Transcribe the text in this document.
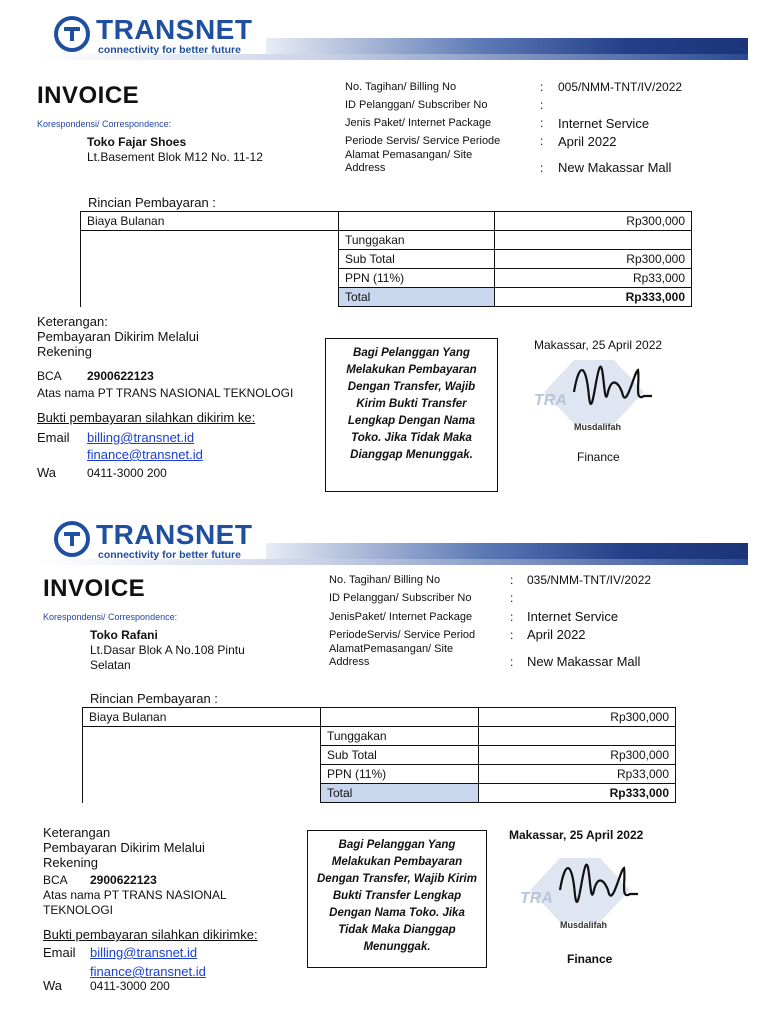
TRANSNET
connectivity for better future
INVOICE
Korespondensi/ Correspondence:
Toko Fajar Shoes
Lt.Basement Blok M12 No. 11-12
No. Tagihan/ Billing No	: 005/NMM-TNT/IV/2022
ID Pelanggan/ Subscriber No	:
Jenis Paket/ Internet Package	: Internet Service
Periode Servis/ Service Periode	: April 2022
Alamat Pemasangan/ Site
Address	: New Makassar Mall
Rincian Pembayaran :
Biaya Bulanan		Rp300,000
	Tunggakan	
	Sub Total	Rp300,000
	PPN (11%)	Rp33,000
	Total	Rp333,000
Keterangan:
Pembayaran Dikirim Melalui
Rekening
BCA 2900622123
Atas nama PT TRANS NASIONAL TEKNOLOGI
Bukti pembayaran silahkan dikirim ke:
Email billing@transnet.id
finance@transnet.id
Wa	0411-3000 200
Bagi Pelanggan Yang Melakukan Pembayaran Dengan Transfer, Wajib Kirim Bukti Transfer Lengkap Dengan Nama Toko. Jika Tidak Maka Dianggap Menunggak.
Makassar, 25 April 2022
TRA
Musdalifah
Finance
TRANSNET
connectivity for better future
INVOICE
Korespondensi/ Correspondence:
Toko Rafani
Lt.Dasar Blok A No.108 Pintu
Selatan
No. Tagihan/ Billing No	: 035/NMM-TNT/IV/2022
ID Pelanggan/ Subscriber No	:
JenisPaket/ Internet Package	: Internet Service
PeriodeServis/ Service Period	: April 2022
AlamatPemasangan/ Site
Address	: New Makassar Mall
Rincian Pembayaran :
Biaya Bulanan		Rp300,000
	Tunggakan	
	Sub Total	Rp300,000
	PPN (11%)	Rp33,000
	Total	Rp333,000
Keterangan
Pembayaran Dikirim Melalui
Rekening
BCA 2900622123
Atas nama PT TRANS NASIONAL
TEKNOLOGI
Bukti pembayaran silahkan dikirimke:
Email billing@transnet.id
finance@transnet.id
Wa 0411-3000 200
Bagi Pelanggan Yang Melakukan Pembayaran Dengan Transfer, Wajib Kirim Bukti Transfer Lengkap Dengan Nama Toko. Jika Tidak Maka Dianggap Menunggak.
Makassar, 25 April 2022
TRA
Musdalifah
Finance
